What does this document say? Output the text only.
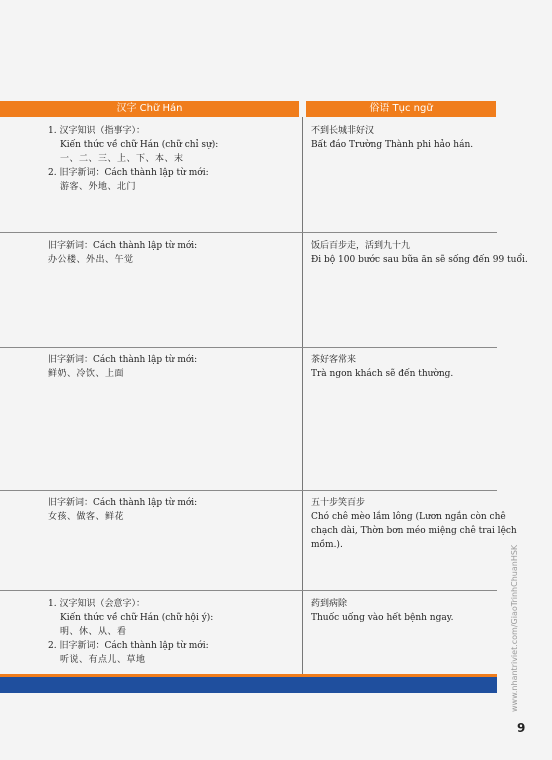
汉字 Chữ Hán	俗语 Tục ngữ
1. 汉字知识（指事字）：
Kiến thức về chữ Hán (chữ chỉ sự):
一、二、三、上、下、本、末
2. 旧字新词：Cách thành lập từ mới:
游客、外地、北门
不到长城非好汉
Bất đáo Trường Thành phi hảo hán.
旧字新词：Cách thành lập từ mới:
办公楼、外出、午觉
饭后百步走，活到九十九
Đi bộ 100 bước sau bữa ăn sẽ sống đến 99 tuổi.
旧字新词：Cách thành lập từ mới:
鲜奶、冷饮、上面
茶好客常来
Trà ngon khách sẽ đến thường.
旧字新词：Cách thành lập từ mới:
女孩、做客、鲜花
五十步笑百步
Chó chê mèo lắm lông (Lươn ngắn còn chê
chạch dài, Thờn bơn méo miệng chê trai lệch
mồm.).
1. 汉字知识（会意字）：
Kiến thức về chữ Hán (chữ hội ý):
明、休、从、看
2. 旧字新词：Cách thành lập từ mới:
听说、有点儿、草地
药到病除
Thuốc uống vào hết bệnh ngay.	www.nhantriviet.com/GiaoTrinhChuanHSK
9
